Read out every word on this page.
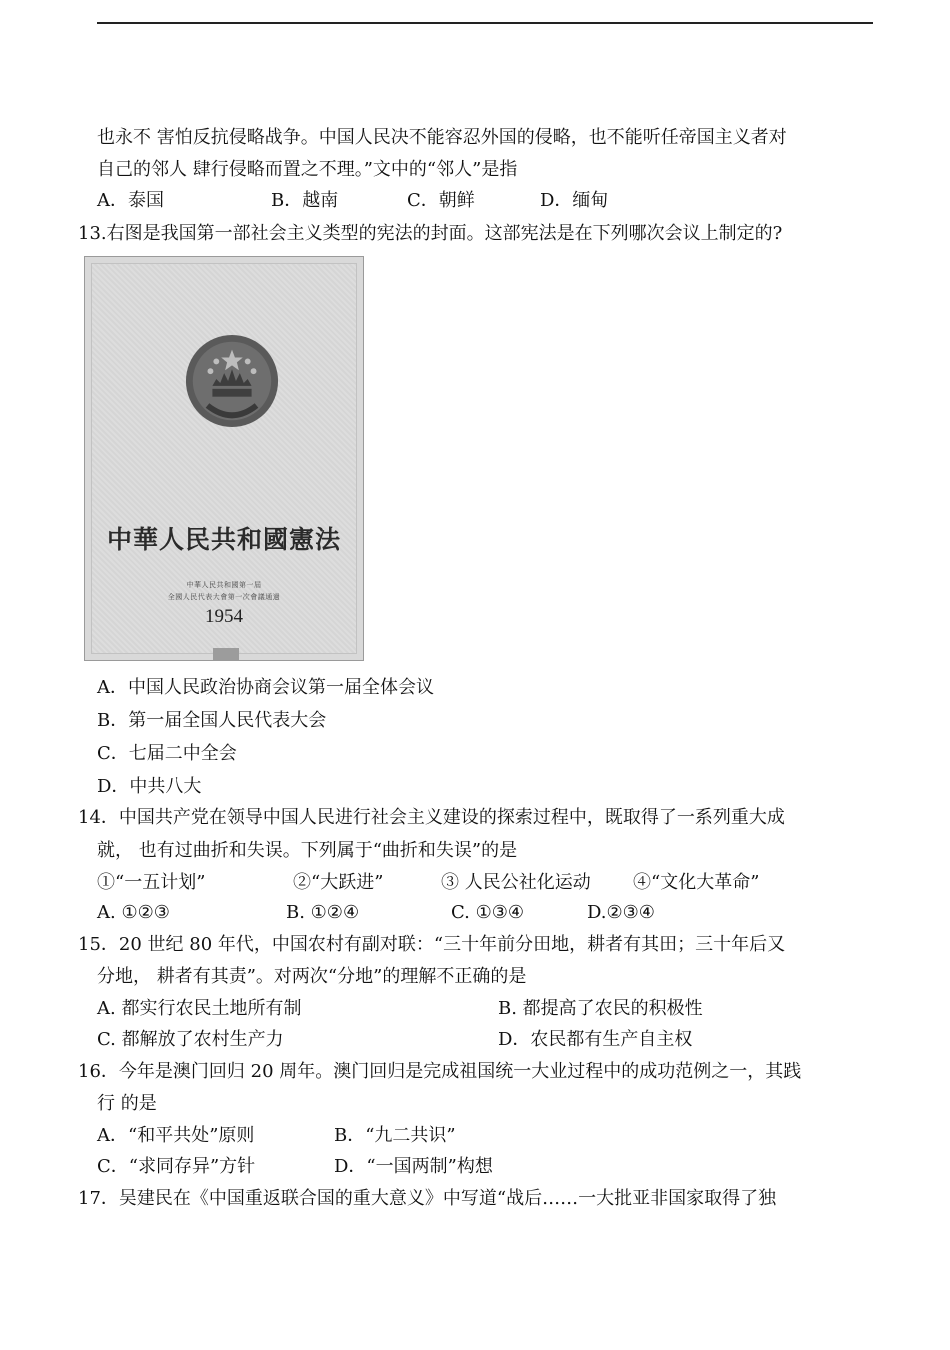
也永不 害怕反抗侵略战争。中国人民决不能容忍外国的侵略，也不能听任帝国主义者对
自己的邻人 肆行侵略而置之不理。”文中的“邻人”是指
A．泰国	B．越南	C．朝鲜	D．缅甸
13.右图是我国第一部社会主义类型的宪法的封面。这部宪法是在下列哪次会议上制定的?
中華人民共和國憲法
中華人民共和國第一屆
全國人民代表大會第一次會議通過
1954
A．中国人民政治协商会议第一届全体会议
B．第一届全国人民代表大会
C．七届二中全会
D．中共八大
14．中国共产党在领导中国人民进行社会主义建设的探索过程中，既取得了一系列重大成
就， 也有过曲折和失误。下列属于“曲折和失误”的是
①“一五计划”	②“大跃进”	③ 人民公社化运动 ④“文化大革命”
A. ①②③	B. ①②④	C. ①③④	D.②③④
15．20 世纪 80 年代，中国农村有副对联：“三十年前分田地，耕者有其田；三十年后又
分地， 耕者有其责”。对两次“分地”的理解不正确的是
A. 都实行农民土地所有制	B. 都提高了农民的积极性
C. 都解放了农村生产力	D．农民都有生产自主权
16．今年是澳门回归 20 周年。澳门回归是完成祖国统一大业过程中的成功范例之一，其践
行 的是
A．“和平共处”原则	B．“九二共识”
C．“求同存异”方针	D．“一国两制”构想
17．吴建民在《中国重返联合国的重大意义》中写道“战后……一大批亚非国家取得了独
